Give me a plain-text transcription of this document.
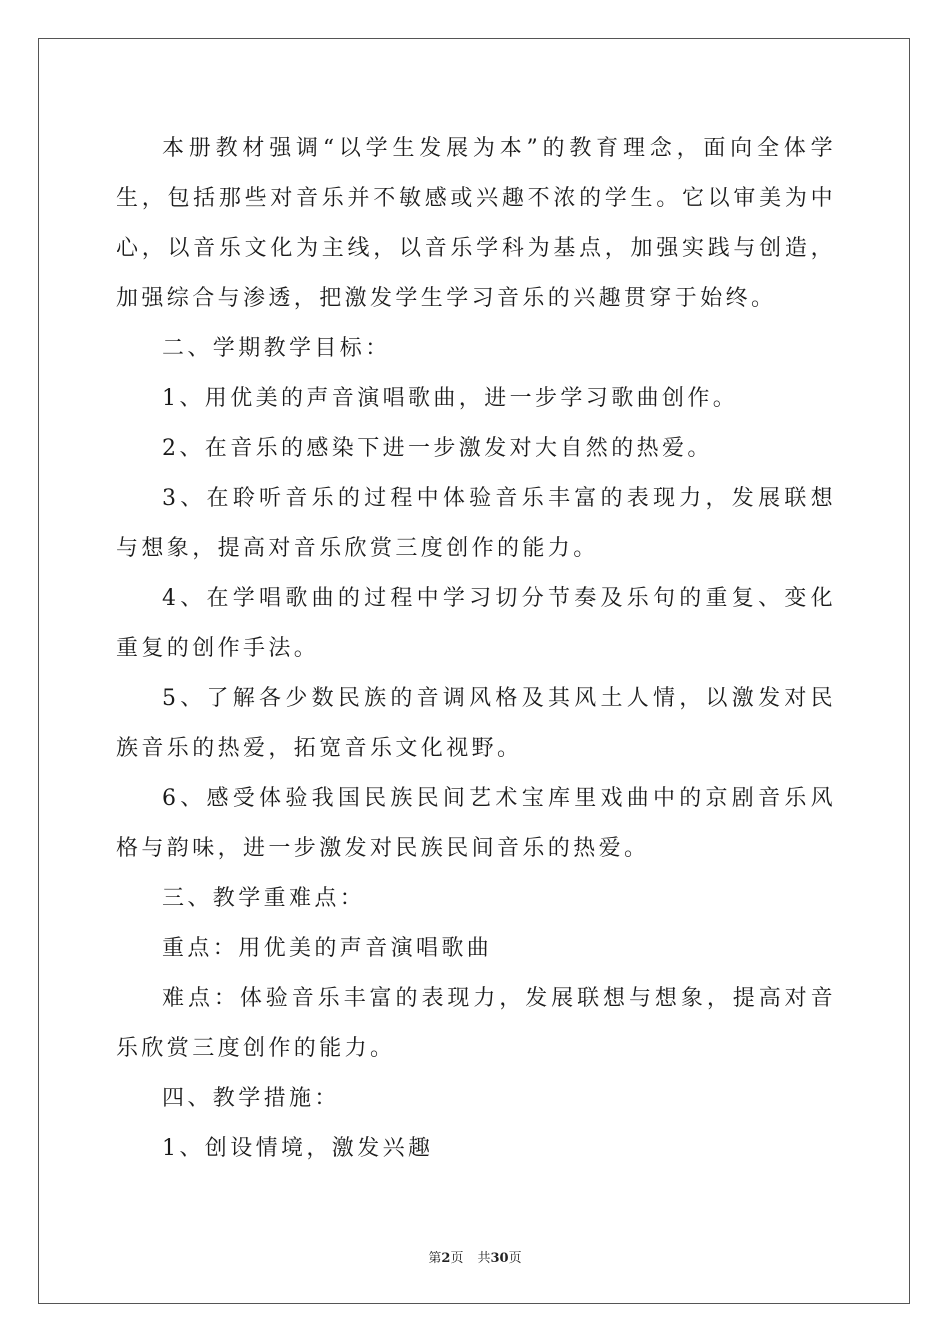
本册教材强调“以学生发展为本”的教育理念，面向全体学生，包括那些对音乐并不敏感或兴趣不浓的学生。它以审美为中心，以音乐文化为主线，以音乐学科为基点，加强实践与创造，加强综合与渗透，把激发学生学习音乐的兴趣贯穿于始终。

二、学期教学目标：

1、用优美的声音演唱歌曲，进一步学习歌曲创作。

2、在音乐的感染下进一步激发对大自然的热爱。

3、在聆听音乐的过程中体验音乐丰富的表现力，发展联想与想象，提高对音乐欣赏三度创作的能力。

4、在学唱歌曲的过程中学习切分节奏及乐句的重复、变化重复的创作手法。

5、了解各少数民族的音调风格及其风土人情，以激发对民族音乐的热爱，拓宽音乐文化视野。

6、感受体验我国民族民间艺术宝库里戏曲中的京剧音乐风格与韵味，进一步激发对民族民间音乐的热爱。

三、教学重难点：

重点：用优美的声音演唱歌曲

难点：体验音乐丰富的表现力，发展联想与想象，提高对音乐欣赏三度创作的能力。

四、教学措施：

1、创设情境，激发兴趣

第2页 共30页
